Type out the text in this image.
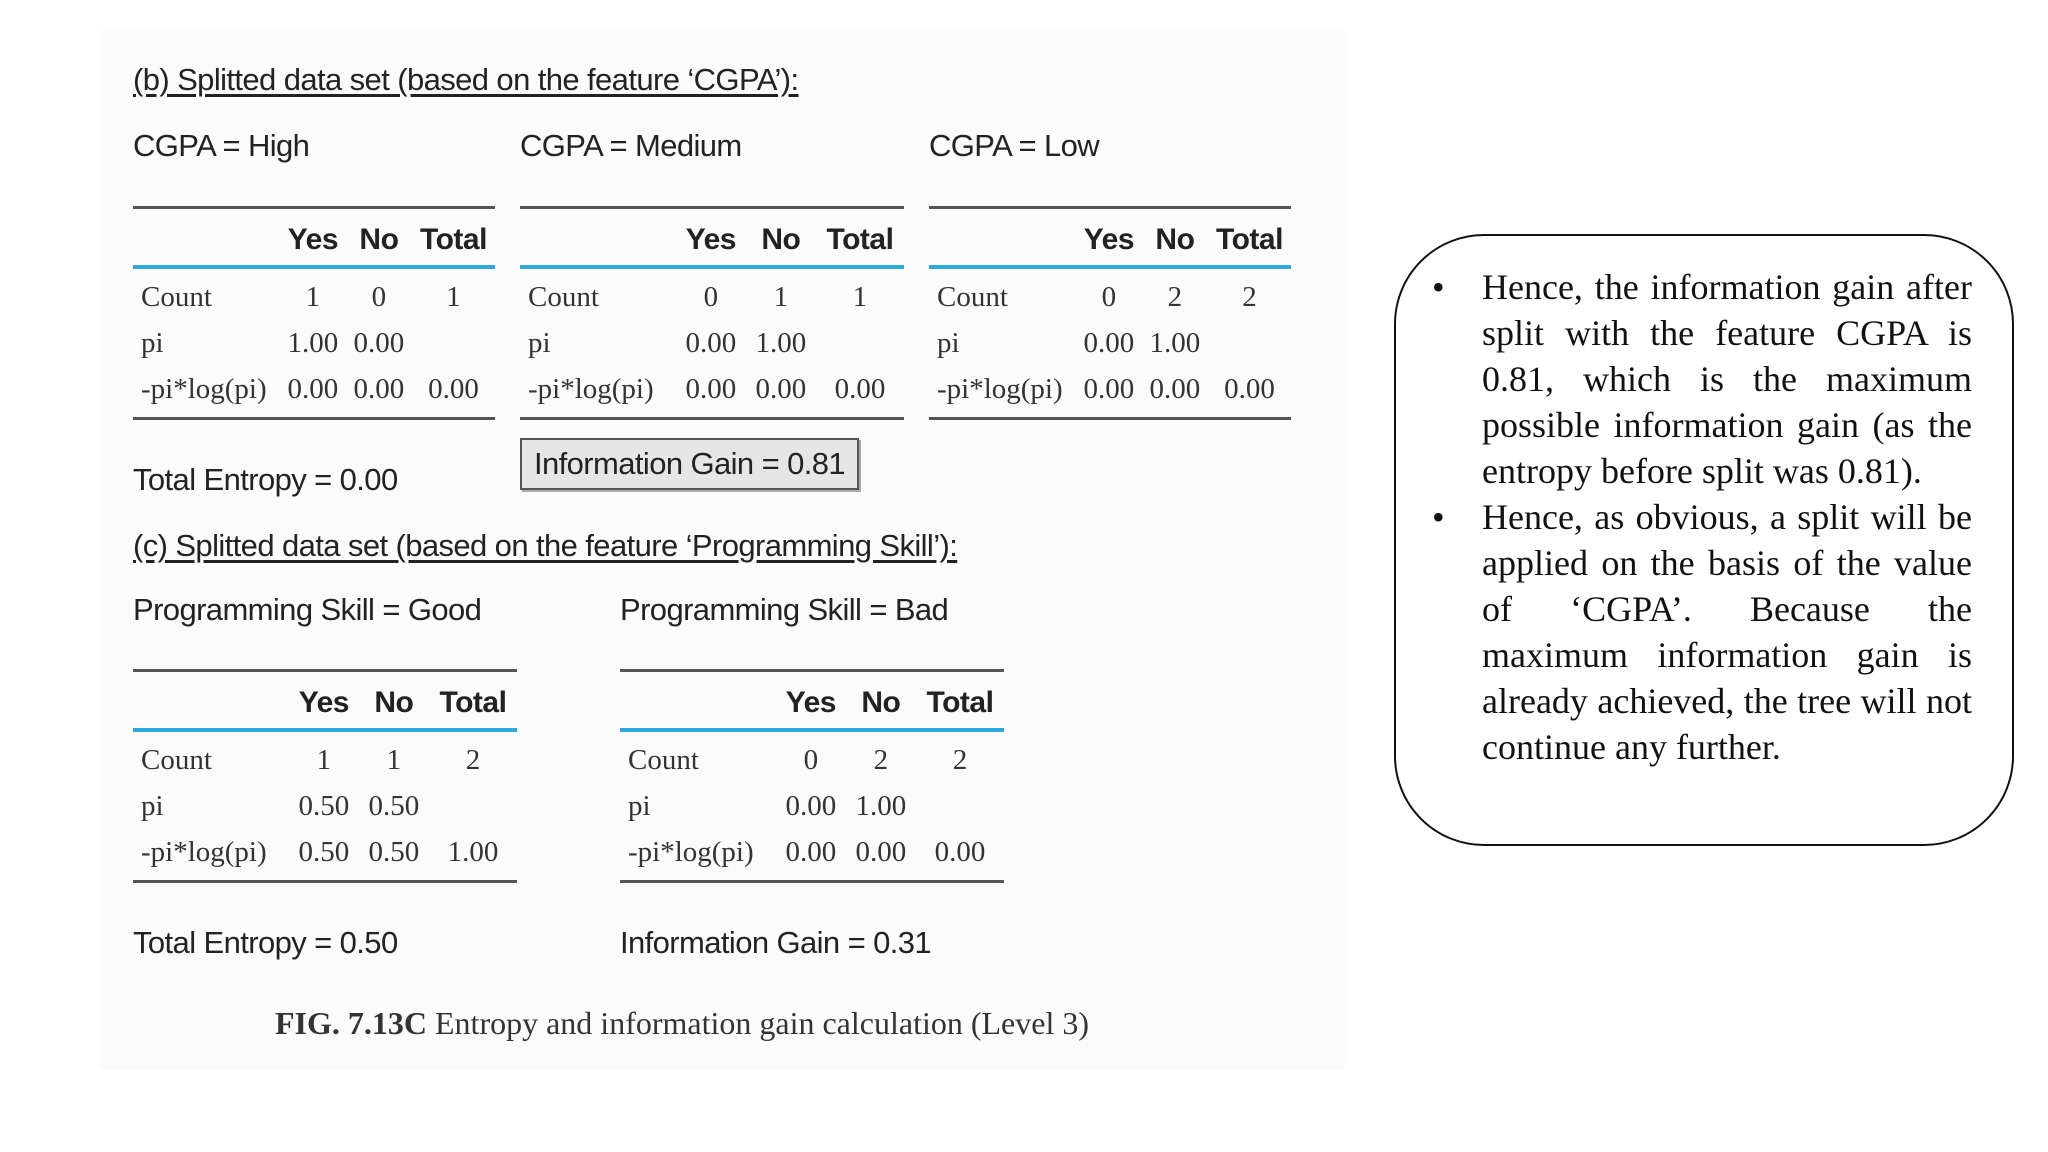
(b) Splitted data set (based on the feature ‘CGPA’):
CGPA = High	CGPA = Medium	CGPA = Low
	Yes	No	Total
Count	1	0	1
pi	1.00	0.00	
-pi*log(pi)	0.00	0.00	0.00
	Yes	No	Total
Count	0	1	1
pi	0.00	1.00	
-pi*log(pi)	0.00	0.00	0.00
	Yes	No	Total
Count	0	2	2
pi	0.00	1.00	
-pi*log(pi)	0.00	0.00	0.00
Total Entropy = 0.00	Information Gain = 0.81
(c) Splitted data set (based on the feature ‘Programming Skill’):
Programming Skill = Good	Programming Skill = Bad
	Yes	No	Total
Count	1	1	2
pi	0.50	0.50	
-pi*log(pi)	0.50	0.50	1.00
	Yes	No	Total
Count	0	2	2
pi	0.00	1.00	
-pi*log(pi)	0.00	0.00	0.00
Total Entropy = 0.50	Information Gain = 0.31
FIG. 7.13C Entropy and information gain calculation (Level 3)
• Hence, the information gain after split with the feature CGPA is 0.81, which is the maximum possible information gain (as the entropy before split was 0.81).
• Hence, as obvious, a split will be applied on the basis of the value of ‘CGPA’. Because the maximum information gain is already achieved, the tree will not continue any further.
